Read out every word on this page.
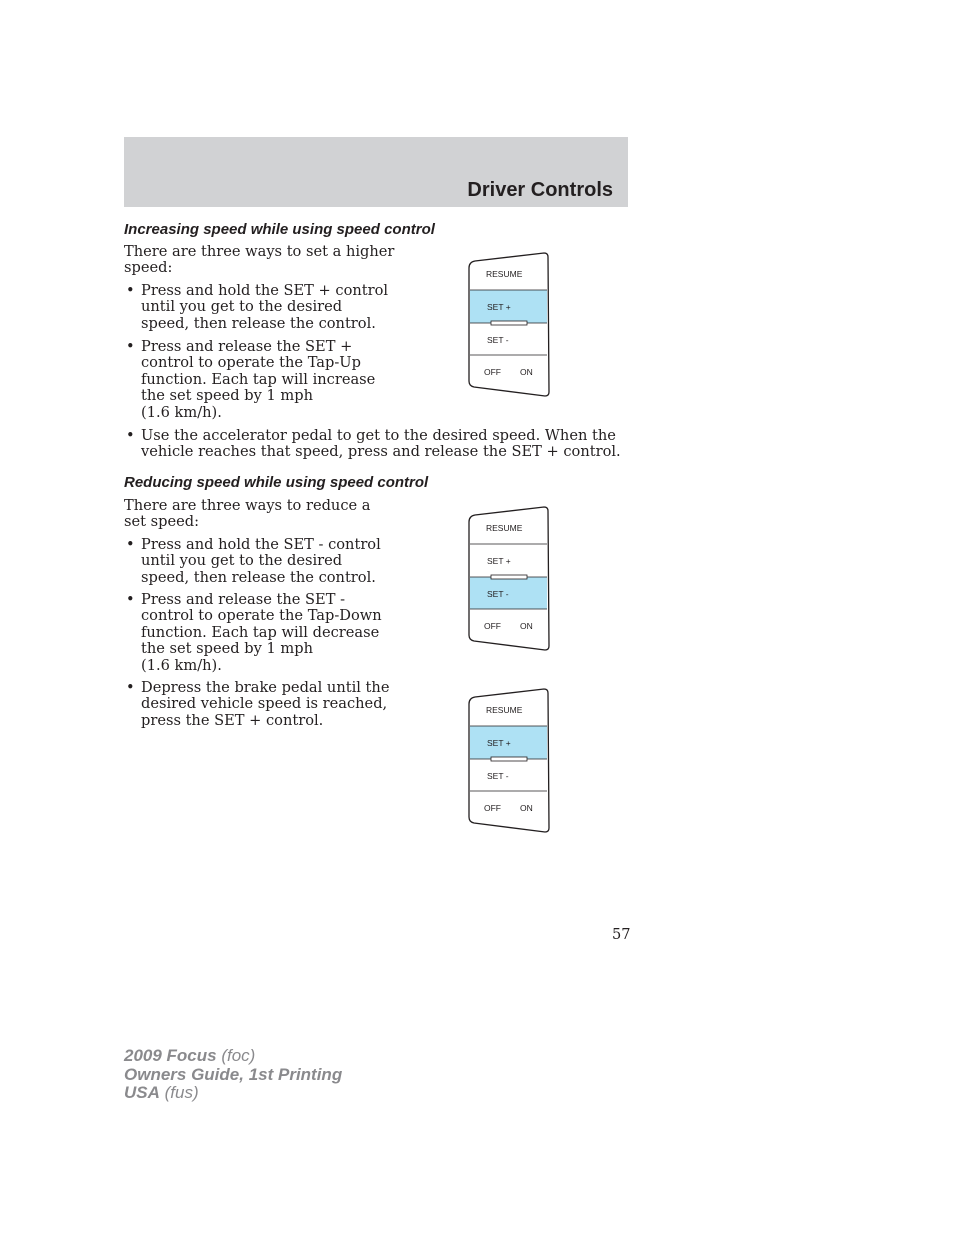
Driver Controls
Increasing speed while using speed control
There are three ways to set a higher
speed:
• Press and hold the SET + control
until you get to the desired
speed, then release the control.
• Press and release the SET +
control to operate the Tap-Up
function. Each tap will increase
the set speed by 1 mph
(1.6 km/h).
• Use the accelerator pedal to get to the desired speed. When the
vehicle reaches that speed, press and release the SET + control.
Reducing speed while using speed control
There are three ways to reduce a
set speed:
• Press and hold the SET - control
until you get to the desired
speed, then release the control.
• Press and release the SET -
control to operate the Tap-Down
function. Each tap will decrease
the set speed by 1 mph
(1.6 km/h).
• Depress the brake pedal until the
desired vehicle speed is reached,
press the SET + control.
RESUME
SET +
SET -
OFF ON
RESUME
SET +
SET -
OFF ON
RESUME
SET +
SET -
OFF ON
57
2009 Focus (foc)
Owners Guide, 1st Printing
USA (fus)
